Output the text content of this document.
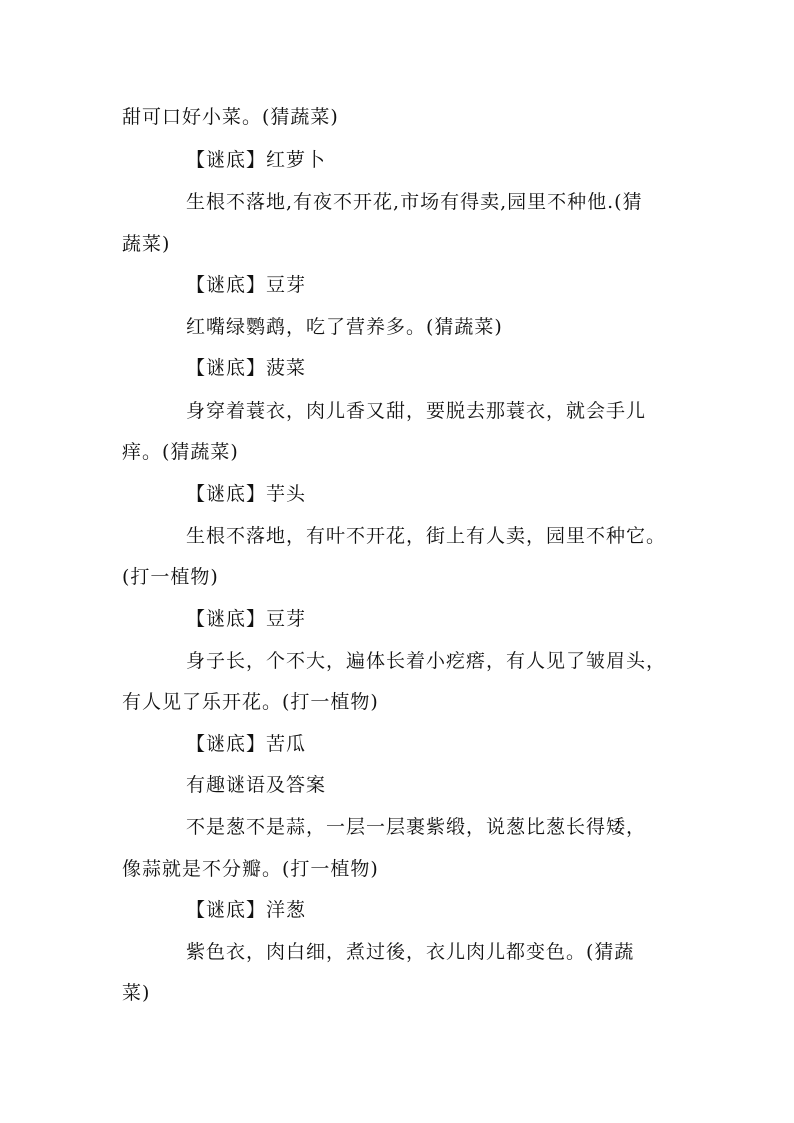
甜可口好小菜。(猜蔬菜)
【谜底】红萝卜
生根不落地,有夜不开花,市场有得卖,园里不种他.(猜
蔬菜)
【谜底】豆芽
红嘴绿鹦鹉，吃了营养多。(猜蔬菜)
【谜底】菠菜
身穿着蓑衣，肉儿香又甜，要脱去那蓑衣，就会手儿
痒。(猜蔬菜)
【谜底】芋头
生根不落地，有叶不开花，街上有人卖，园里不种它。
(打一植物)
【谜底】豆芽
身子长，个不大，遍体长着小疙瘩，有人见了皱眉头，
有人见了乐开花。(打一植物)
【谜底】苦瓜
有趣谜语及答案
不是葱不是蒜，一层一层裹紫缎，说葱比葱长得矮，
像蒜就是不分瓣。(打一植物)
【谜底】洋葱
紫色衣，肉白细，煮过後，衣儿肉儿都变色。(猜蔬
菜)
